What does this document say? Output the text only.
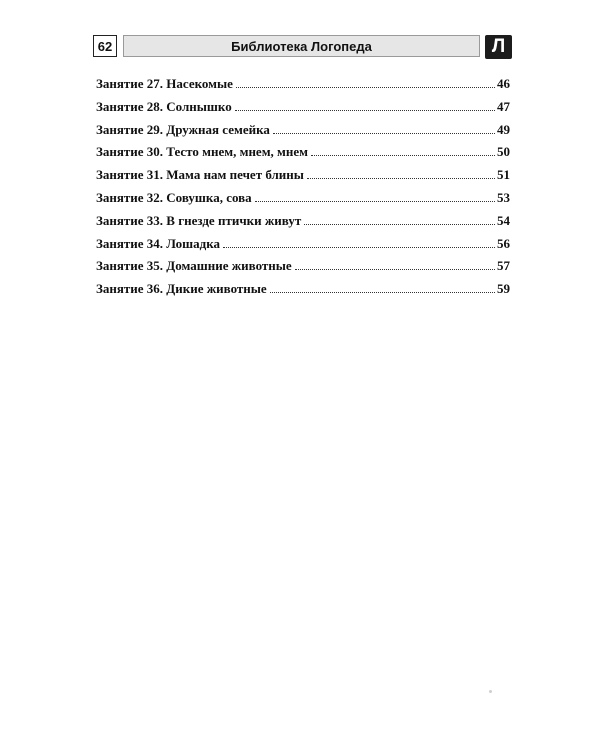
62	Библиотека Логопеда	Л
Занятие 27. Насекомые	46
Занятие 28. Солнышко	47
Занятие 29. Дружная семейка	49
Занятие 30. Тесто мнем, мнем, мнем	50
Занятие 31. Мама нам печет блины	51
Занятие 32. Совушка, сова	53
Занятие 33. В гнезде птички живут	54
Занятие 34. Лошадка	56
Занятие 35. Домашние животные	57
Занятие 36. Дикие животные	59
